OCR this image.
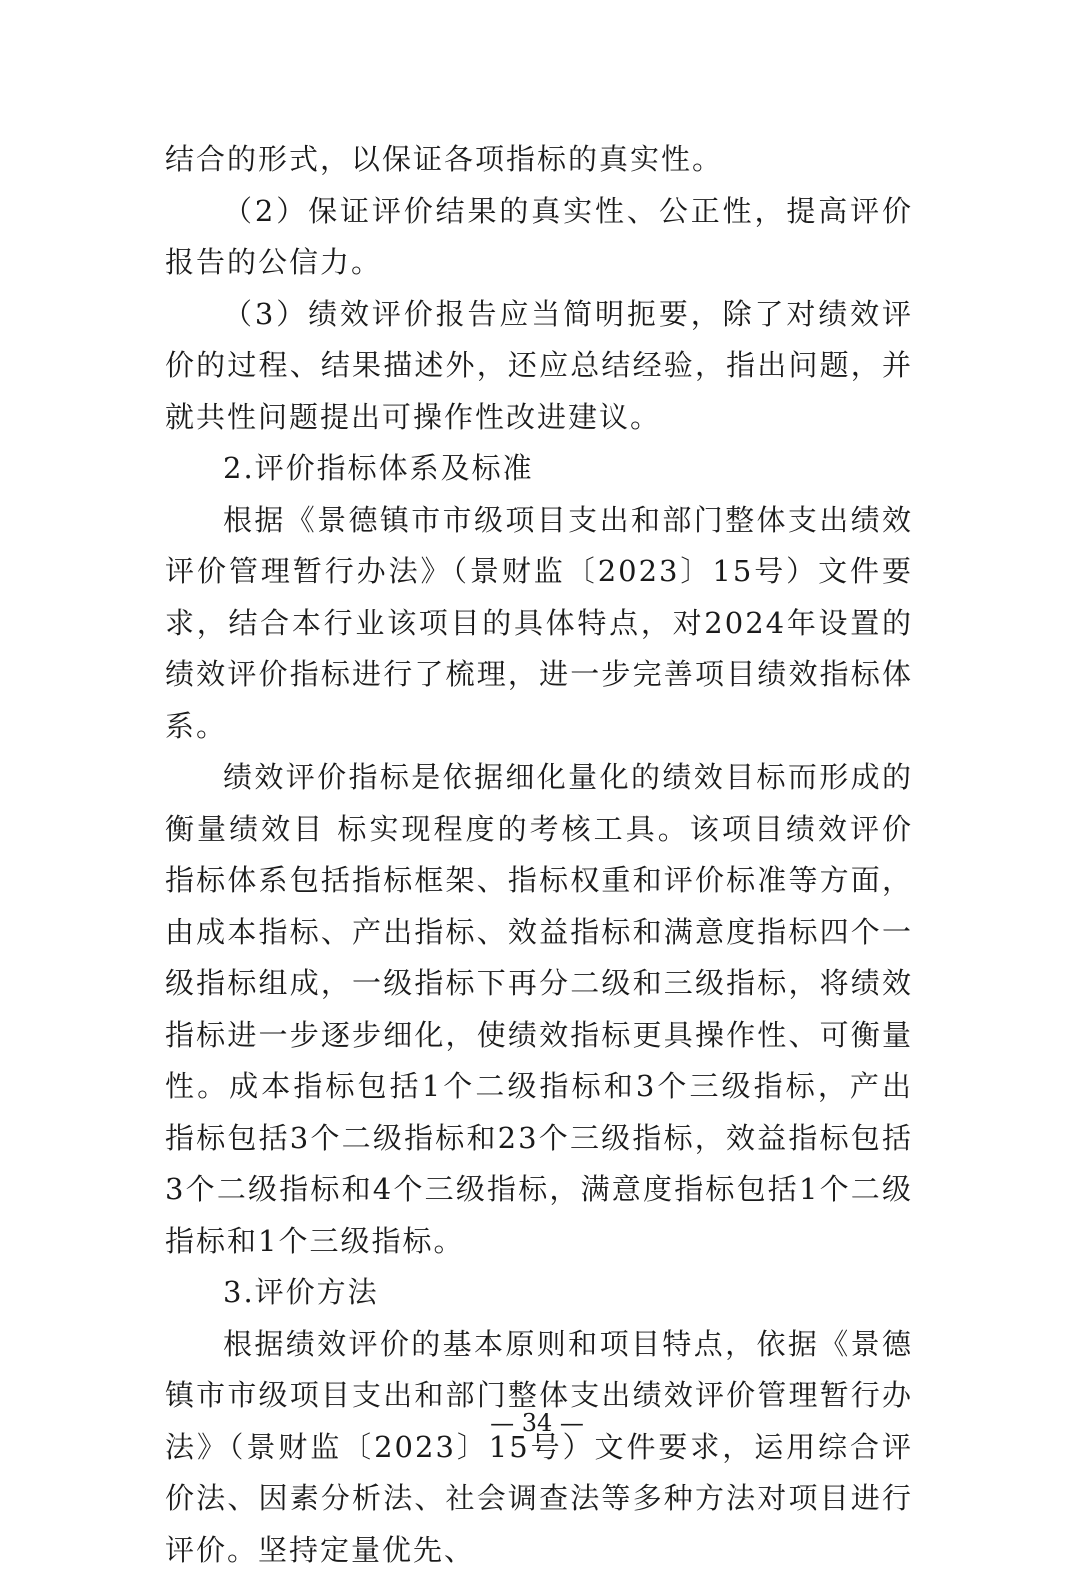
结合的形式，以保证各项指标的真实性。

（2）保证评价结果的真实性、公正性，提高评价报告的公信力。

（3）绩效评价报告应当简明扼要，除了对绩效评价的过程、结果描述外，还应总结经验，指出问题，并就共性问题提出可操作性改进建议。

2.评价指标体系及标准

根据《景德镇市市级项目支出和部门整体支出绩效评价管理暂行办法》（景财监〔2023〕15号）文件要求，结合本行业该项目的具体特点，对2024年设置的绩效评价指标进行了梳理，进一步完善项目绩效指标体系。

绩效评价指标是依据细化量化的绩效目标而形成的衡量绩效目 标实现程度的考核工具。该项目绩效评价指标体系包括指标框架、指标权重和评价标准等方面，由成本指标、产出指标、效益指标和满意度指标四个一级指标组成，一级指标下再分二级和三级指标，将绩效指标进一步逐步细化，使绩效指标更具操作性、可衡量性。成本指标包括1个二级指标和3个三级指标，产出指标包括3个二级指标和23个三级指标，效益指标包括3个二级指标和4个三级指标，满意度指标包括1个二级指标和1个三级指标。

3.评价方法

根据绩效评价的基本原则和项目特点，依据《景德镇市市级项目支出和部门整体支出绩效评价管理暂行办法》（景财监〔2023〕15号）文件要求，运用综合评价法、因素分析法、社会调查法等多种方法对项目进行评价。坚持定量优先、

— 34 —
